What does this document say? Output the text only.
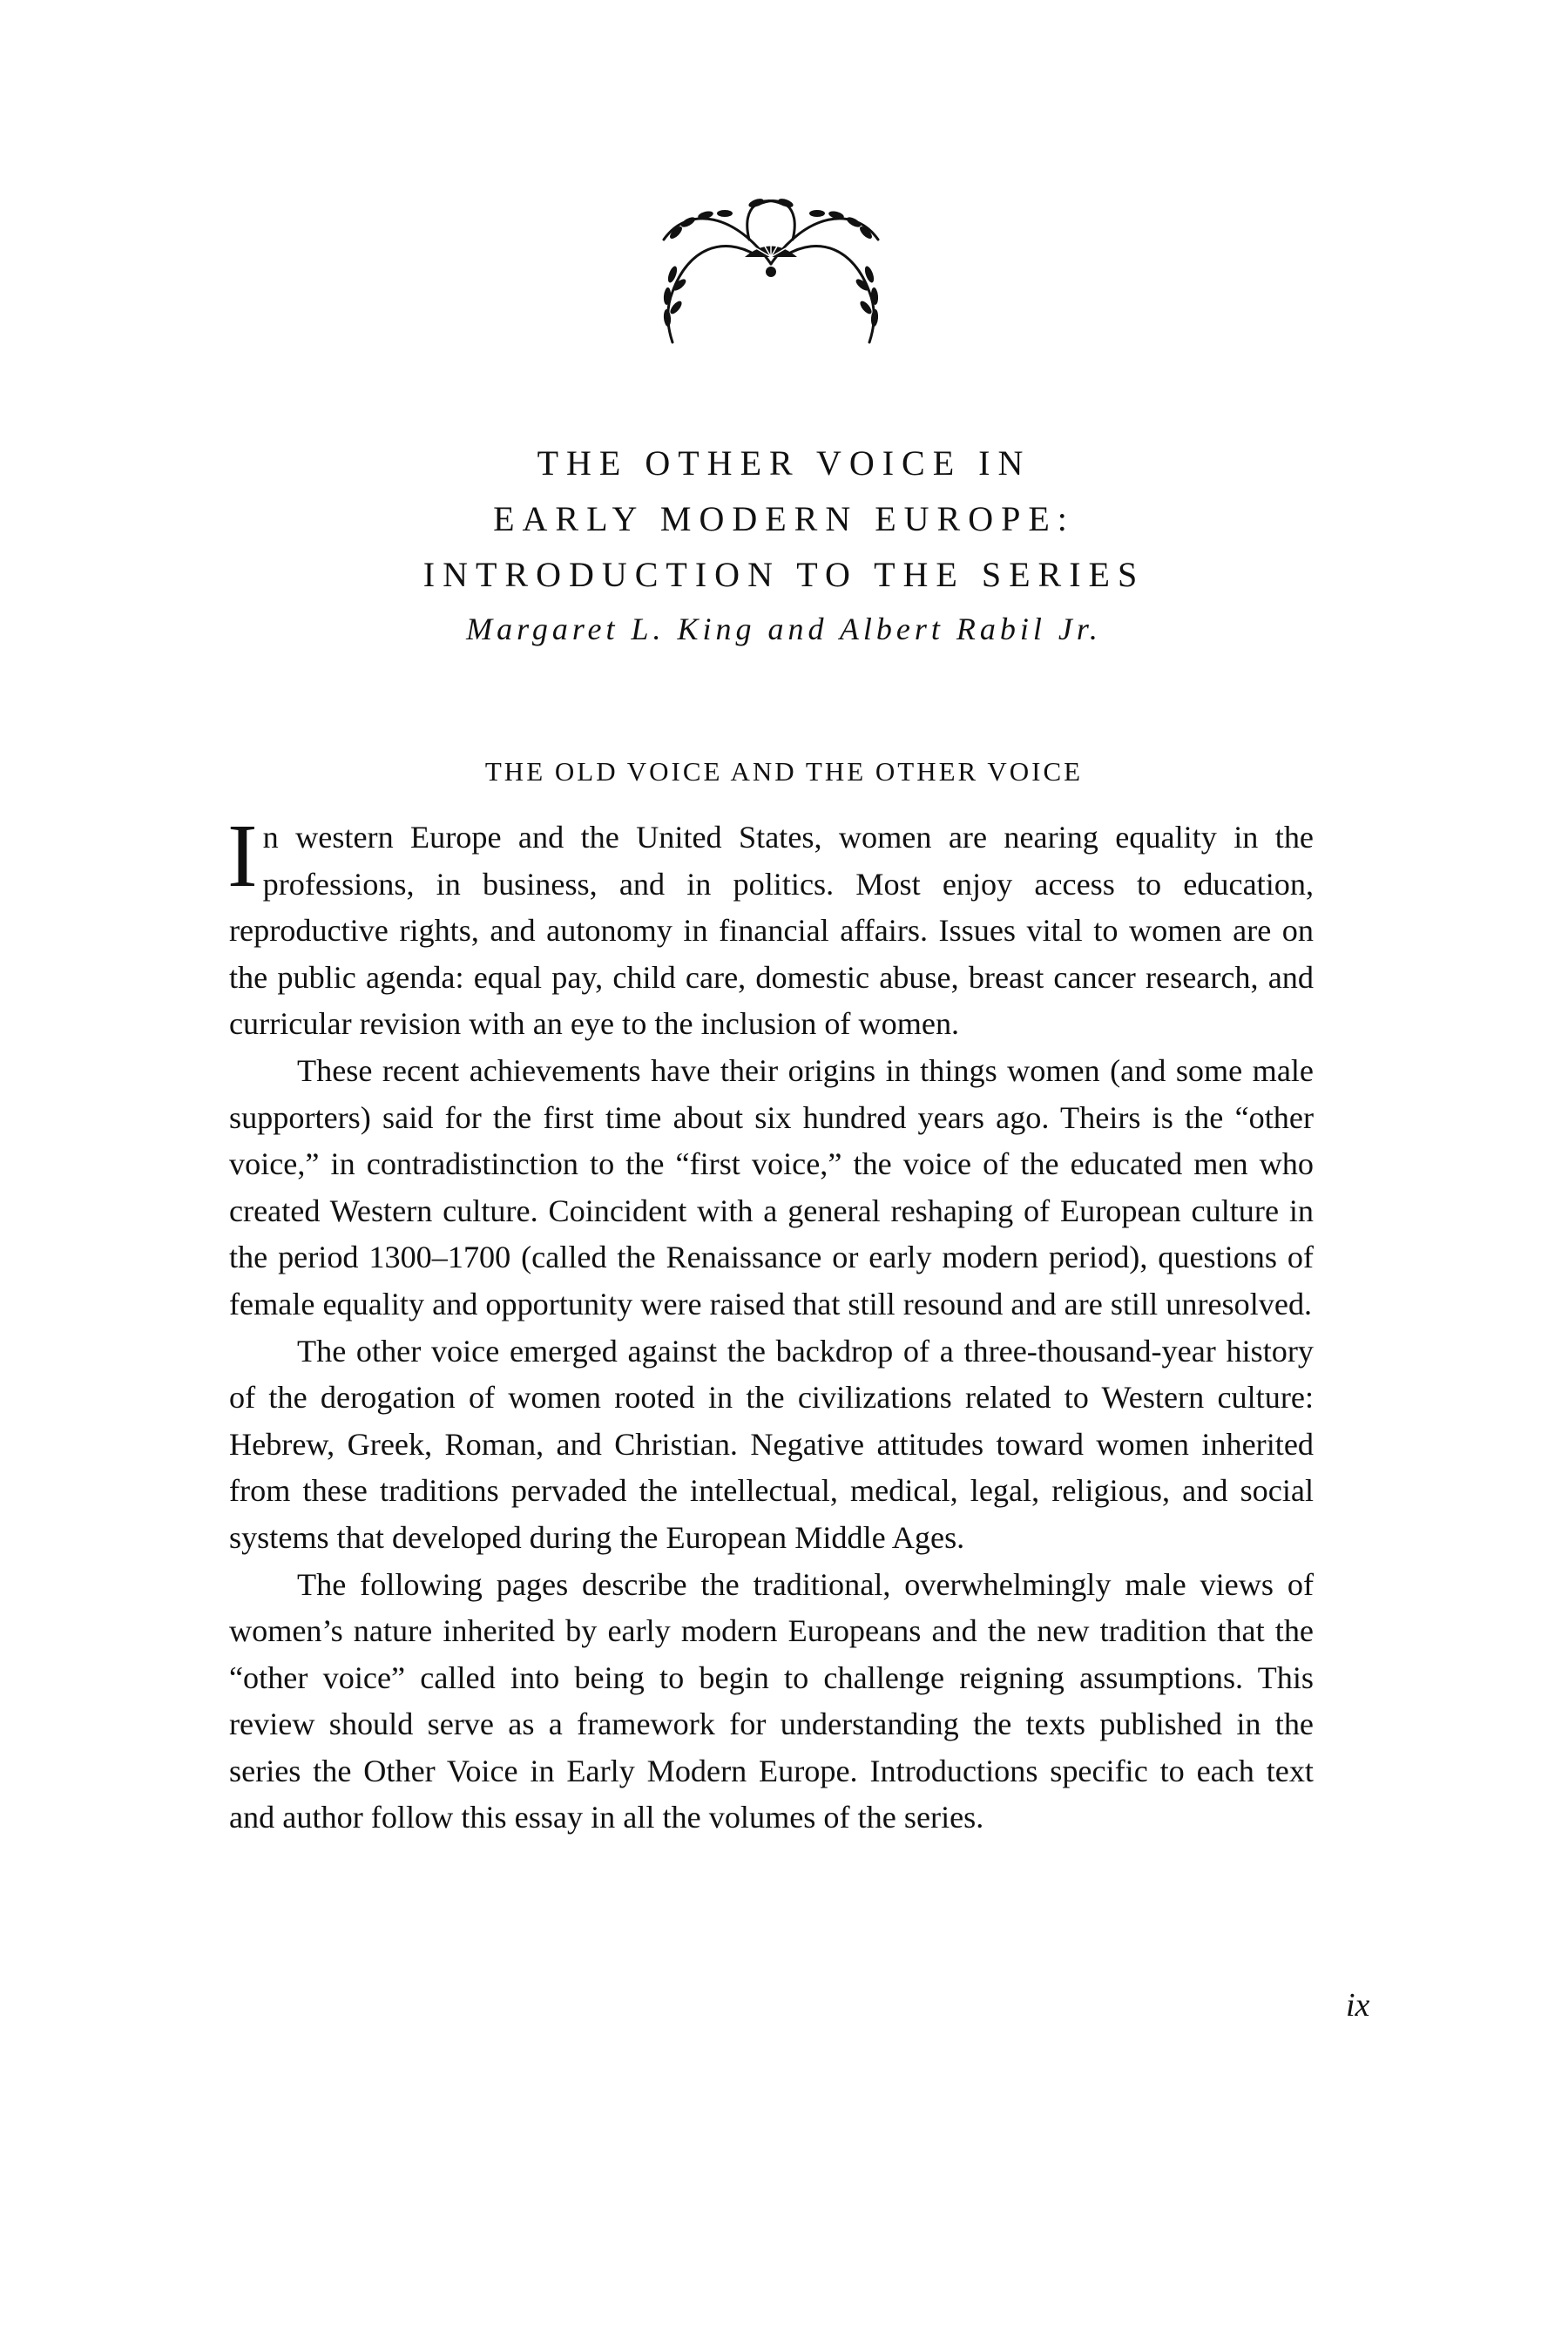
THE OTHER VOICE IN
EARLY MODERN EUROPE:
INTRODUCTION TO THE SERIES
Margaret L. King and Albert Rabil Jr.
THE OLD VOICE AND THE OTHER VOICE

In western Europe and the United States, women are nearing equality in the professions, in business, and in politics. Most enjoy access to education, reproductive rights, and autonomy in financial affairs. Issues vital to women are on the public agenda: equal pay, child care, domestic abuse, breast cancer research, and curricular revision with an eye to the inclusion of women.

These recent achievements have their origins in things women (and some male supporters) said for the first time about six hundred years ago. Theirs is the “other voice,” in contradistinction to the “first voice,” the voice of the educated men who created Western culture. Coincident with a general reshaping of European culture in the period 1300–1700 (called the Renaissance or early modern period), questions of female equality and opportunity were raised that still resound and are still unresolved.

The other voice emerged against the backdrop of a three-thousand-year history of the derogation of women rooted in the civilizations related to Western culture: Hebrew, Greek, Roman, and Christian. Negative attitudes toward women inherited from these traditions pervaded the intellectual, medical, legal, religious, and social systems that developed during the European Middle Ages.

The following pages describe the traditional, overwhelmingly male views of women’s nature inherited by early modern Europeans and the new tradition that the “other voice” called into being to begin to challenge reigning assumptions. This review should serve as a framework for understanding the texts published in the series the Other Voice in Early Modern Europe. Introductions specific to each text and author follow this essay in all the volumes of the series.

ix
